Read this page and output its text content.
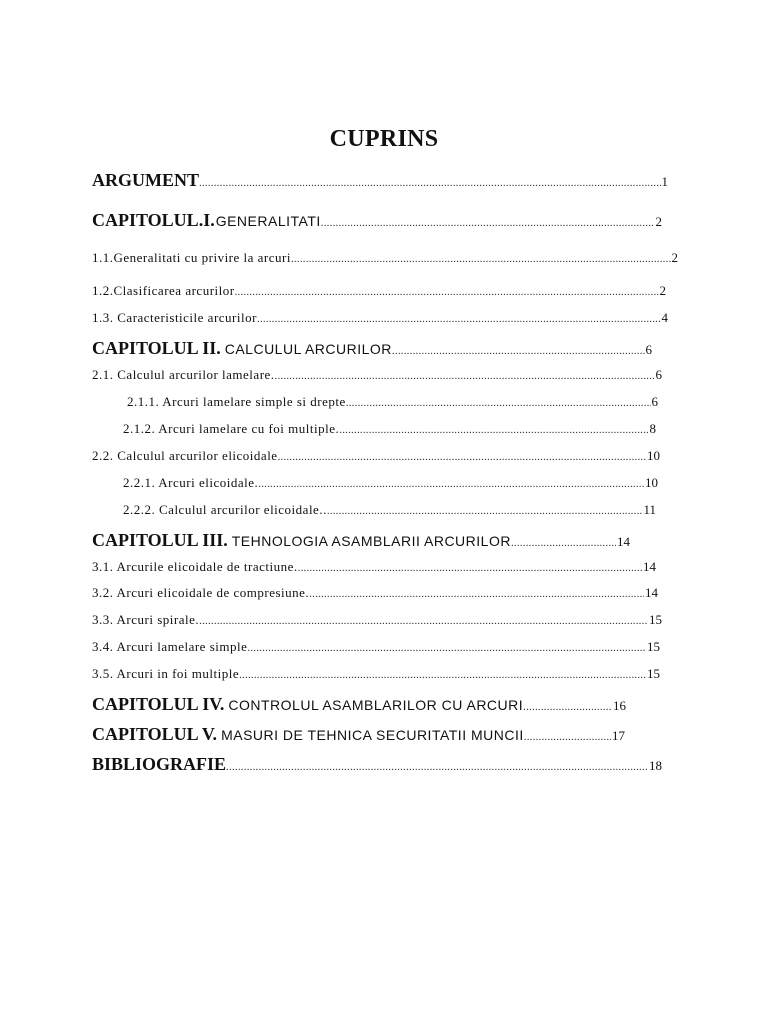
CUPRINS
ARGUMENT .....	1
CAPITOLUL.I. GENERALITATI .....	2
1.1.Generalitati cu privire la arcuri .....	2
1.2.Clasificarea arcurilor .....	2
1.3. Caracteristicile arcurilor .....	4
CAPITOLUL II. CALCULUL ARCURILOR .....	6
2.1. Calculul arcurilor lamelare. .....	6
2.1.1. Arcuri lamelare simple si drepte .....	6
2.1.2. Arcuri lamelare cu foi multiple. .....	8
2.2. Calculul arcurilor elicoidale .....	10
2.2.1. Arcuri elicoidale. .....	10
2.2.2. Calculul arcurilor elicoidale.. .....	11
CAPITOLUL III. TEHNOLOGIA ASAMBLARII ARCURILOR .....	14
3.1. Arcurile elicoidale de tractiune. .....	14
3.2. Arcuri elicoidale de compresiune. .....	14
3.3. Arcuri spirale. .....	15
3.4. Arcuri lamelare simple .....	15
3.5. Arcuri in foi multiple .....	15
CAPITOLUL IV. CONTROLUL ASAMBLARILOR CU ARCURI .....	16
CAPITOLUL V. MASURI DE TEHNICA SECURITATII MUNCII .....	17
BIBLIOGRAFIE .....	18
